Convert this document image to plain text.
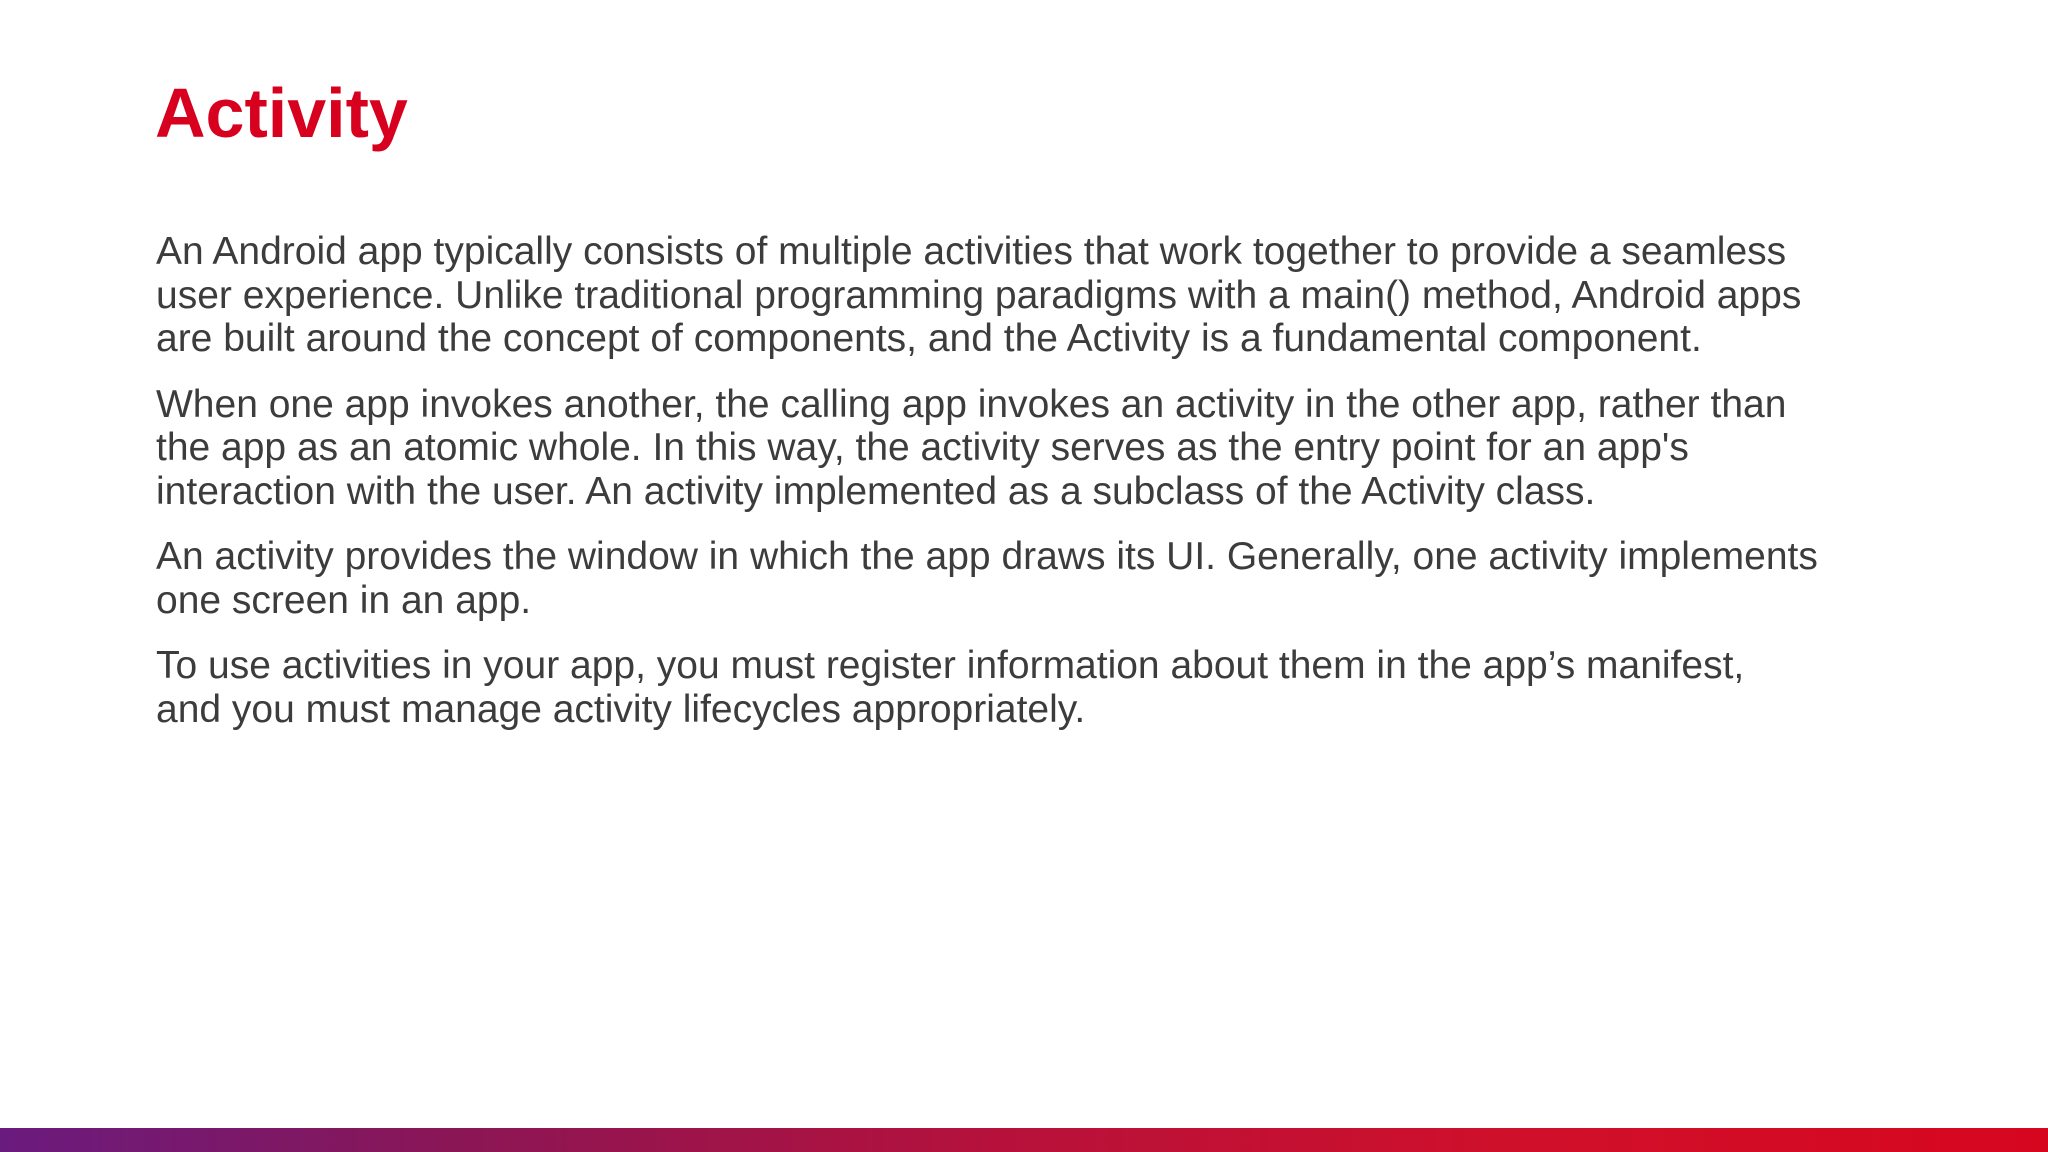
Activity

An Android app typically consists of multiple activities that work together to provide a seamless
user experience. Unlike traditional programming paradigms with a main() method, Android apps
are built around the concept of components, and the Activity is a fundamental component.

When one app invokes another, the calling app invokes an activity in the other app, rather than
the app as an atomic whole. In this way, the activity serves as the entry point for an app's
interaction with the user. An activity implemented as a subclass of the Activity class.

An activity provides the window in which the app draws its UI. Generally, one activity implements
one screen in an app.

To use activities in your app, you must register information about them in the app’s manifest,
and you must manage activity lifecycles appropriately.
